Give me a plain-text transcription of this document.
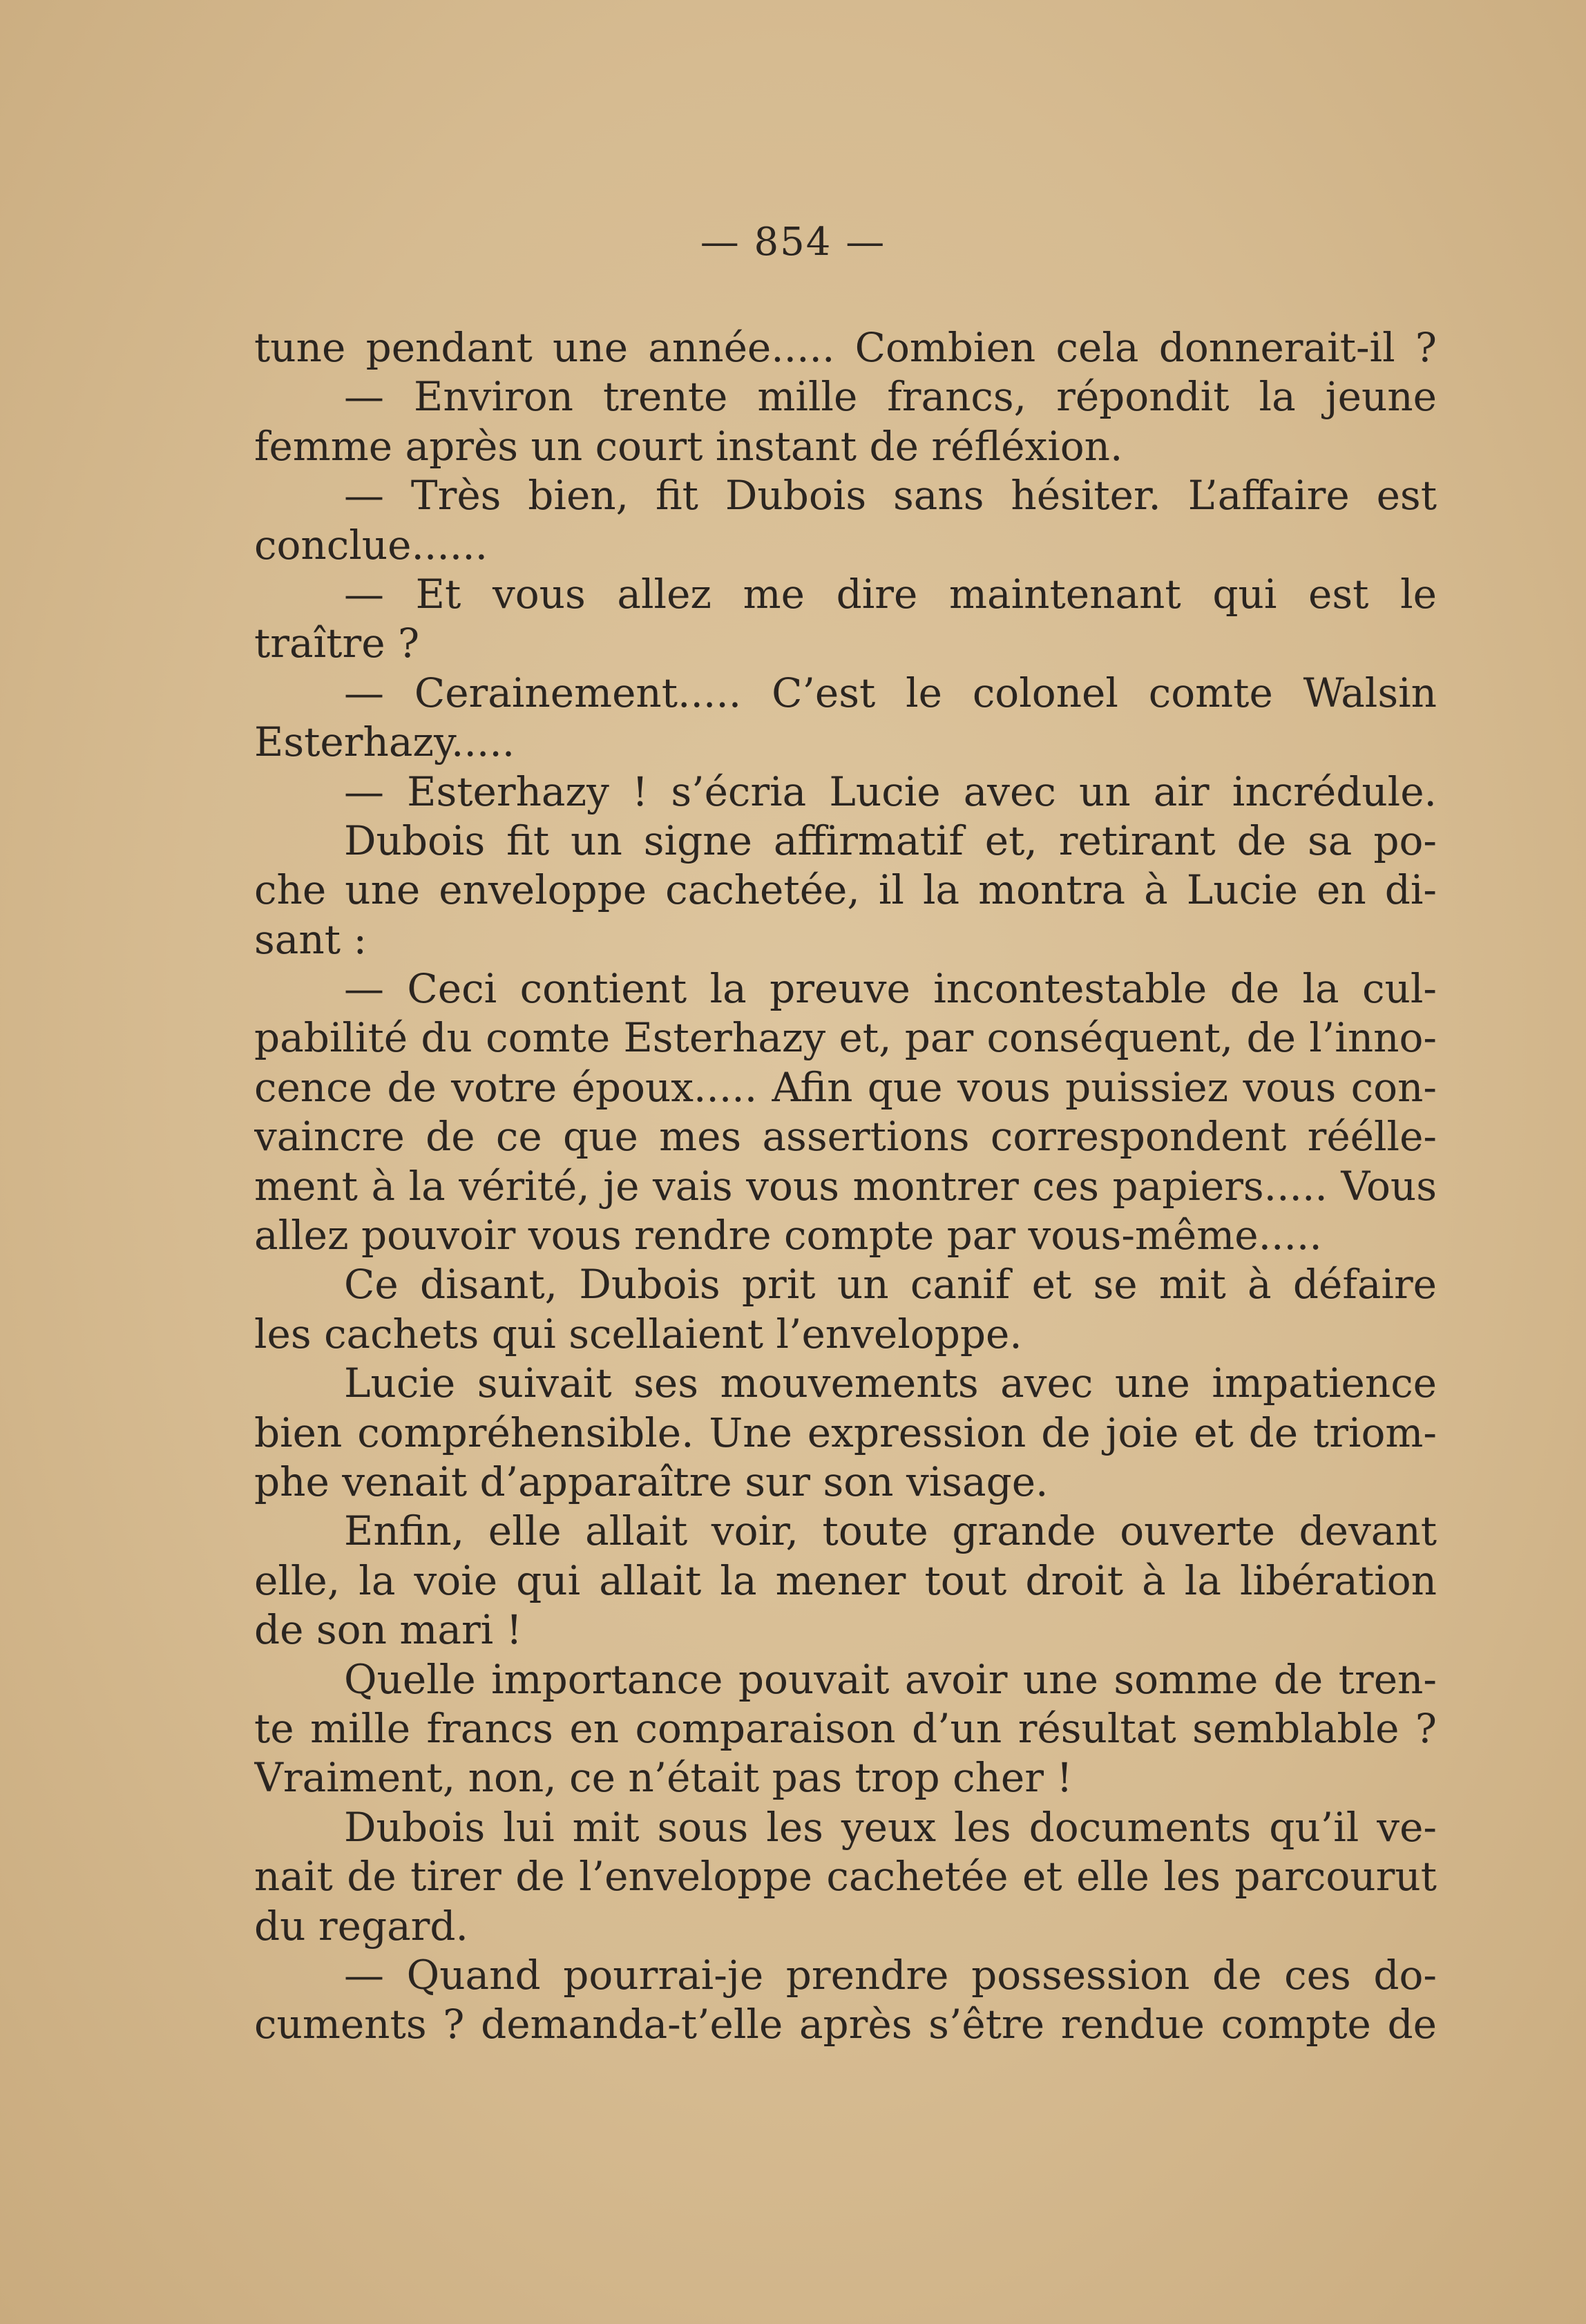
— 854 —
tune pendant une année..... Combien cela donnerait-il ?
— Environ trente mille francs, répondit la jeune
femme après un court instant de réfléxion.
— Très bien, fit Dubois sans hésiter. L’affaire est
conclue......
— Et vous allez me dire maintenant qui est le
traître ?
— Cerainement..... C’est le colonel comte Walsin
Esterhazy.....
— Esterhazy ! s’écria Lucie avec un air incrédule.
Dubois fit un signe affirmatif et, retirant de sa po-
che une enveloppe cachetée, il la montra à Lucie en di-
sant :
— Ceci contient la preuve incontestable de la cul-
pabilité du comte Esterhazy et, par conséquent, de l’inno-
cence de votre époux..... Afin que vous puissiez vous con-
vaincre de ce que mes assertions correspondent réélle-
ment à la vérité, je vais vous montrer ces papiers..... Vous
allez pouvoir vous rendre compte par vous-même.....
Ce disant, Dubois prit un canif et se mit à défaire
les cachets qui scellaient l’enveloppe.
Lucie suivait ses mouvements avec une impatience
bien compréhensible. Une expression de joie et de triom-
phe venait d’apparaître sur son visage.
Enfin, elle allait voir, toute grande ouverte devant
elle, la voie qui allait la mener tout droit à la libération
de son mari !
Quelle importance pouvait avoir une somme de tren-
te mille francs en comparaison d’un résultat semblable ?
Vraiment, non, ce n’était pas trop cher !
Dubois lui mit sous les yeux les documents qu’il ve-
nait de tirer de l’enveloppe cachetée et elle les parcourut
du regard.
— Quand pourrai-je prendre possession de ces do-
cuments ? demanda-t’elle après s’être rendue compte de
